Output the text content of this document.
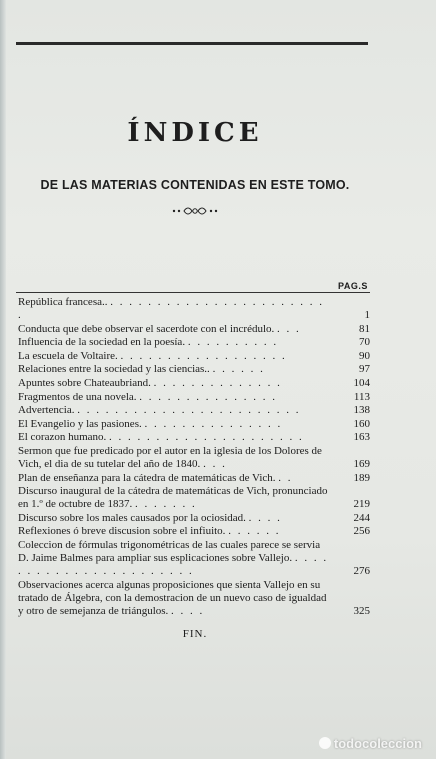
ÍNDICE
DE LAS MATERIAS CONTENIDAS EN ESTE TOMO.
PAG.S
República francesa.. . . . . . . . . . . . . . . . . . . . . . . . .	1
Conducta que debe observar el sacerdote con el incrédulo. . . .	81
Influencia de la sociedad en la poesía. . . . . . . . . . .	70
La escuela de Voltaire. . . . . . . . . . . . . . . . . . .	90
Relaciones entre la sociedad y las ciencias.. . . . . . .	97
Apuntes sobre Chateaubriand. . . . . . . . . . . . . . .	104
Fragmentos de una novela. . . . . . . . . . . . . . . .	113
Advertencia. . . . . . . . . . . . . . . . . . . . . . . . .	138
El Evangelio y las pasiones. . . . . . . . . . . . . . . .	160
El corazon humano. . . . . . . . . . . . . . . . . . . . . .	163
Sermon que fue predicado por el autor en la iglesia de los Dolores de Vich, el dia de su tutelar del año de 1840. . . .	169
Plan de enseñanza para la cátedra de matemáticas de Vich. . .	189
Discurso inaugural de la cátedra de matemáticas de Vich, pronunciado en 1.º de octubre de 1837. . . . . . . .	219
Discurso sobre los males causados por la ociosidad. . . . .	244
Reflexiones ó breve discusion sobre el infiuito. . . . . . .	256
Coleccion de fórmulas trigonométricas de las cuales parece se servia D. Jaime Balmes para ampliar sus esplicaciones sobre Vallejo. . . . . . . . . . . . . . . . . . . . . . . .	276
Observaciones acerca algunas proposiciones que sienta Vallejo en su tratado de Álgebra, con la demostracion de un nuevo caso de igualdad y otro de semejanza de triángulos. . . . .	325
FIN.
todocoleccion
